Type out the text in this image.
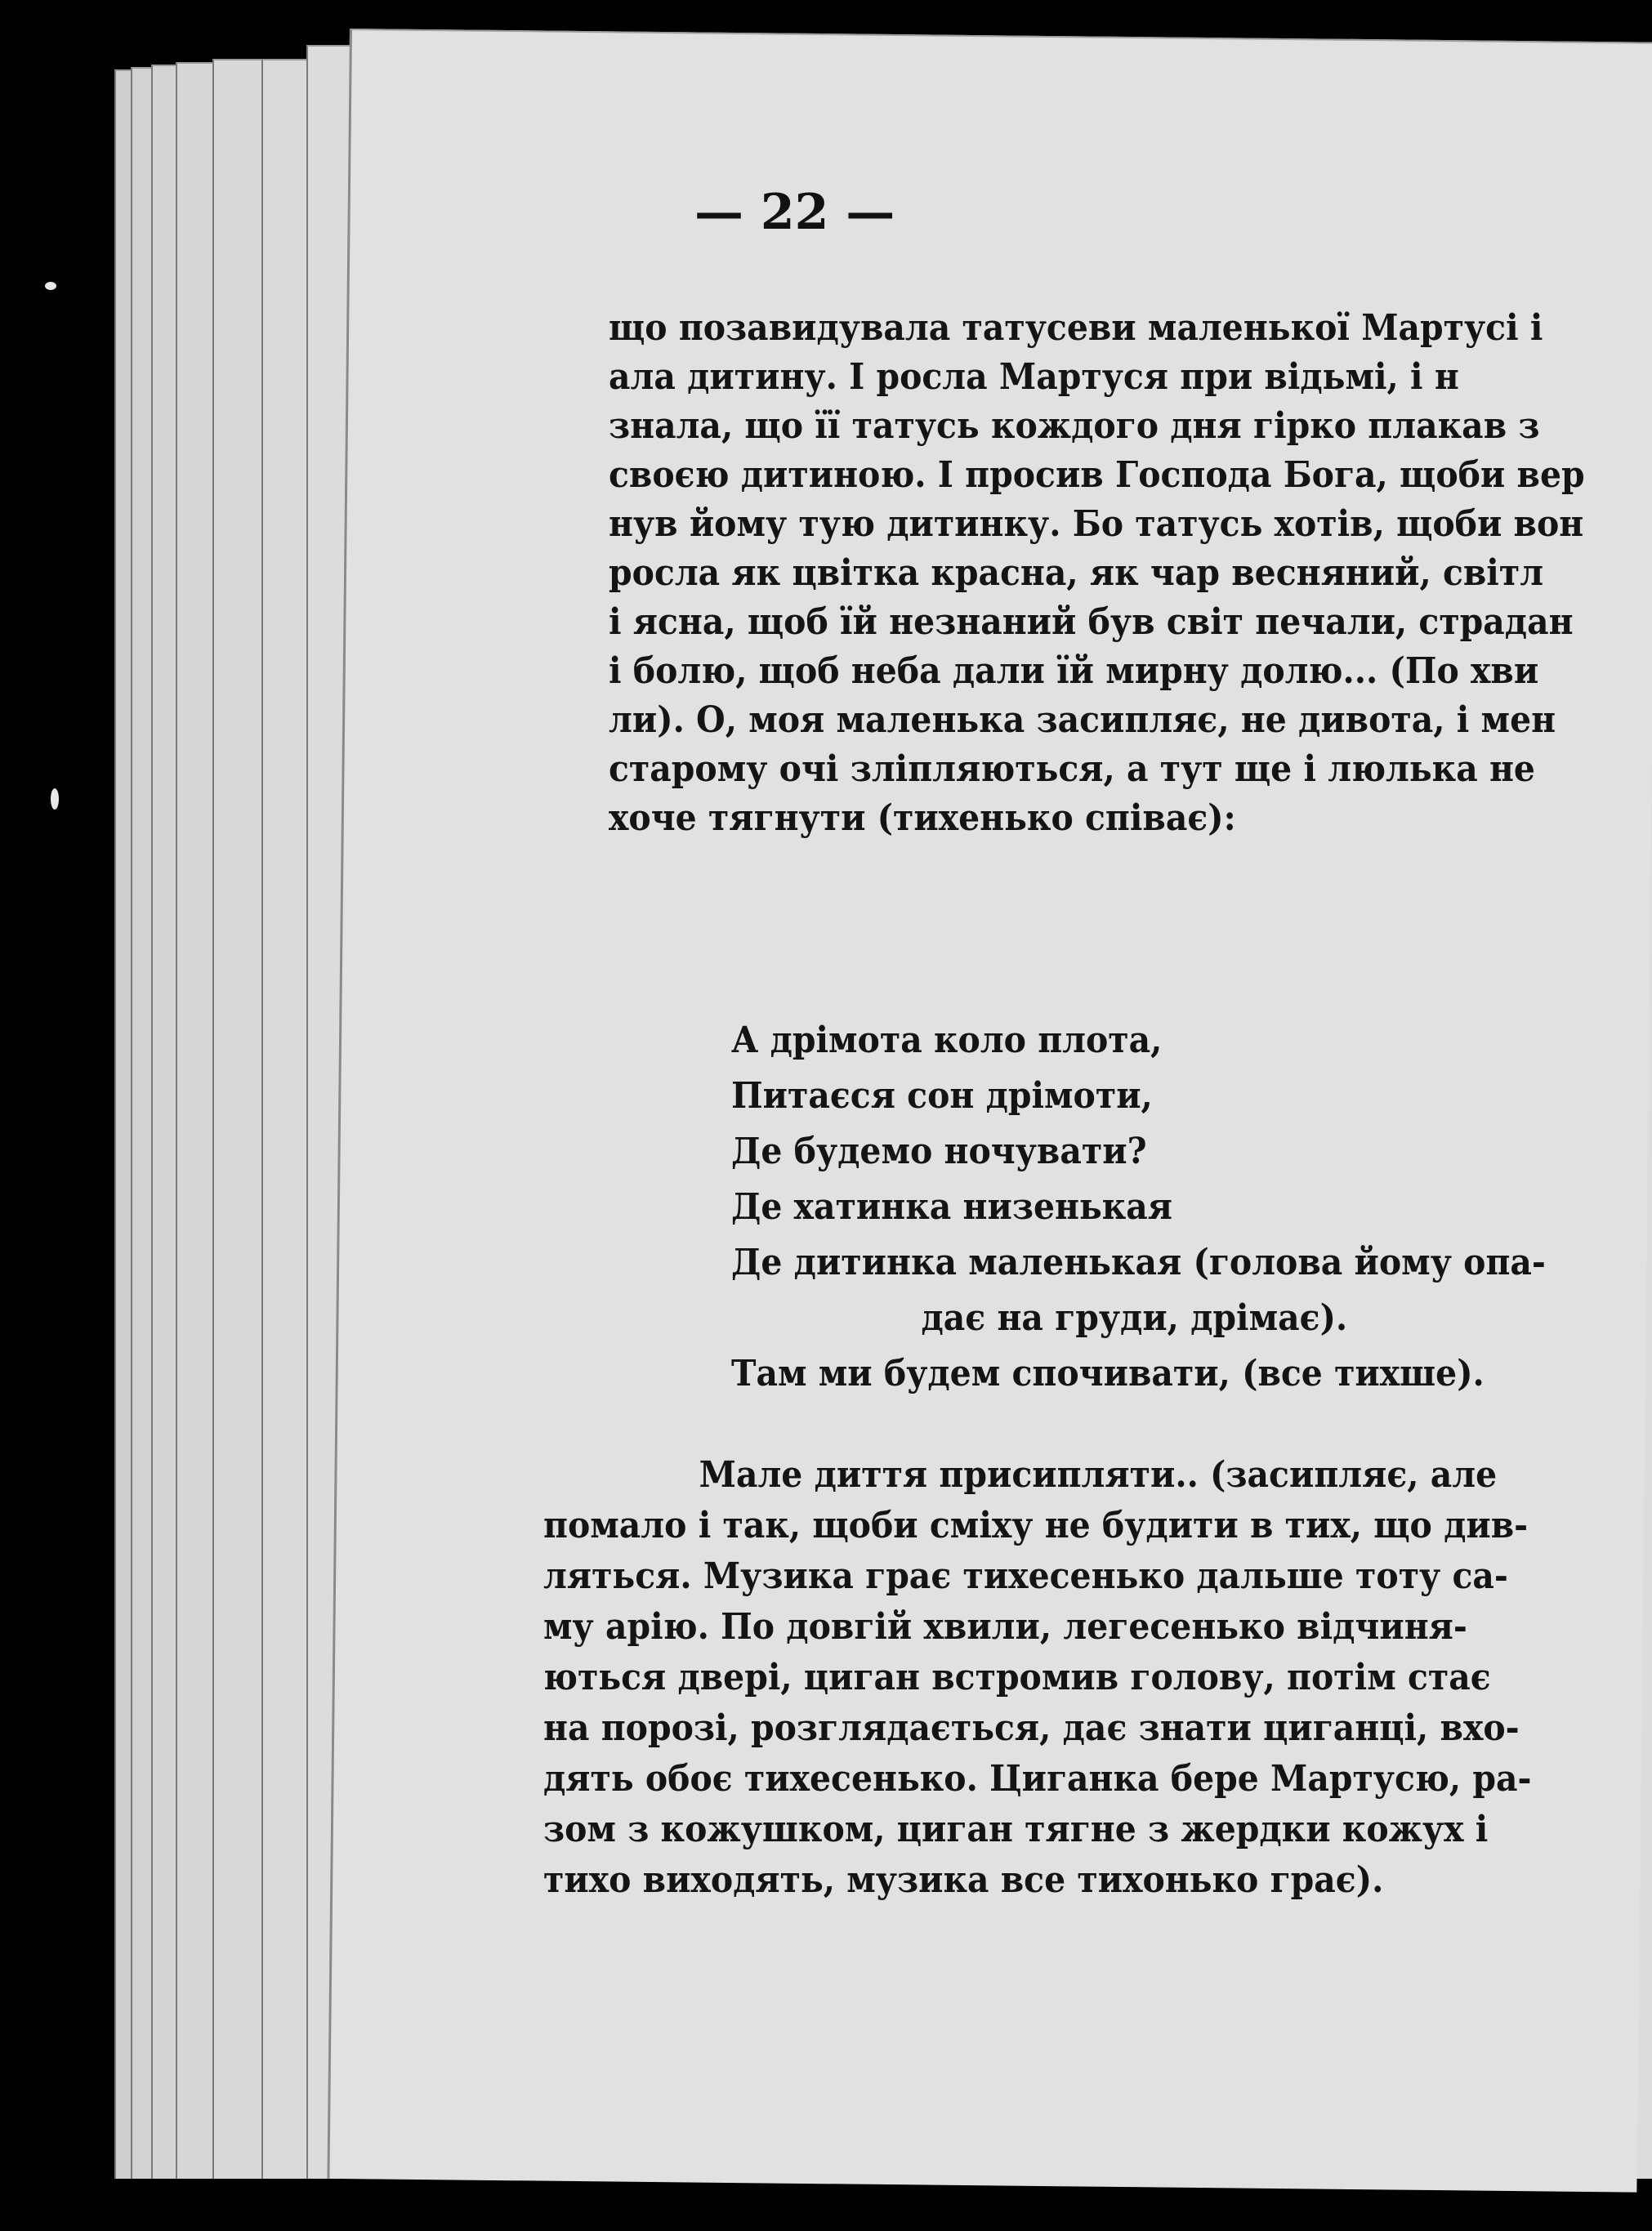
— 22 —
що позавидувала татусеви маленької Мартусі і
ала дитину. І росла Мартуся при відьмі, і н
знала, що її татусь кождого дня гірко плакав з
своєю дитиною. І просив Господа Бога, щоби вер
нув йому тую дитинку. Бо татусь хотів, щоби вон
росла як цвітка красна, як чар весняний, світл
і ясна, щоб їй незнаний був світ печали, страдан
і болю, щоб неба дали їй мирну долю... (По хви
ли). О, моя маленька засипляє, не дивота, і мен
старому очі зліпляються, а тут ще і люлька не
хоче тягнути (тихенько співає):
А дрімота коло плота,
Питаєся сон дрімоти,
Де будемо ночувати?
Де хатинка низенькая
Де дитинка маленькая (голова йому опа-
дає на груди, дрімає).
Там ми будем спочивати, (все тихше).
Мале диття присипляти.. (засипляє, але
помало і так, щоби сміху не будити в тих, що див-
ляться. Музика грає тихесенько дальше тоту са-
му арію. По довгій хвили, легесенько відчиня-
ються двері, циган встромив голову, потім стає
на порозі, розглядається, дає знати циганці, вхо-
дять обоє тихесенько. Циганка бере Мартусю, ра-
зом з кожушком, циган тягне з жердки кожух і
тихо виходять, музика все тихонько грає).
